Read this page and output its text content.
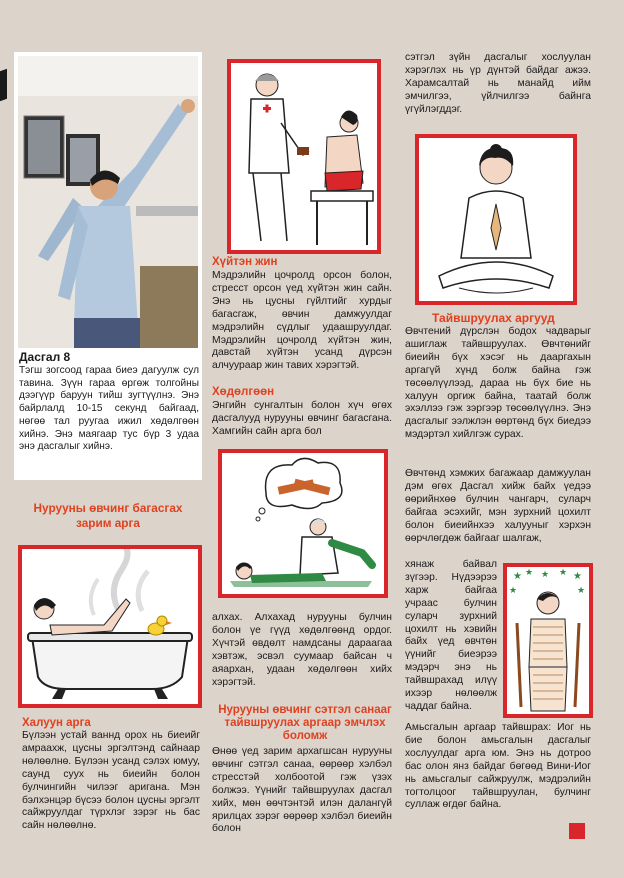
Дасгал 8

Тэгш зогсоод гараа биеэ дагуулж сул тавина. Зүүн гараа өргөж толгойны дээгүүр баруун тийш зугтүүлнэ. Энэ байрлалд 10-15 секунд байгаад, нөгөө тал руугаа ижил хөдөлгөөн хийнэ. Энэ маягаар тус бүр 3 удаа энэ дасгалыг хийнэ.

Нурууны өвчинг багасгах зарим арга
Халуун арга

Бүлээн устай ваннд орох нь биеийг амраахж, цусны эргэлтэнд сайнаар нөлөөлнө. Бүлээн усанд сэлэх юмуу, саунд суух нь биеийн болон булчингийн чилээг аригана. Мэн бэлхэнцэр бүсээ болон цусны эргэлт сайжруулдаг түрхлэг зэрэг нь бас сайн нөлөөлнө.

Хүйтэн жин

Мэдрэлийн цочролд орсон болон, стресст орсон үед хүйтэн жин сайн. Энэ нь цусны гүйлтийг хурдыг багасгаж, өвчин дамжуулдаг мэдрэлийн сүдлыг удаашруулдаг. Мэдрэлийн цочролд хүйтэн жин, давстай хүйтэн усанд дүрсэн алчуураар жин тавих хэрэгтэй.

Хөдөлгөөн

Энгийн сунгалтын болон хүч өгөх дасгалууд нурууны өвчинг багасгана. Хамгийн сайн арга бол

алхах. Алхахад нурууны булчин болон үе гүүд хөдөлгөөнд ордог. Хүчтэй өвдөлт намдсаны дараагаа хэвтэж, эсвэл суумаар байсан ч аяархан, удаан хөдөлгөөн хийх хэрэгтэй.

Нурууны өвчинг сэтгэл санааг тайвшруулах аргаар эмчлэх боломж

Өнөө үед зарим архагшсан нурууны өвчинг сэтгэл санаа, өөрөөр хэлбэл стресстэй холбоотой гэж үзэх болжээ. Үүнийг тайвшруулах дасгал хийх, мөн өөчтэнтэй илэн далангүй ярилцах зэрэг өөрөөр хэлбэл биеийн болон

сэтгэл зүйн дасгалыг хослуулан хэрэглэх нь үр дүнтэй байдаг ажээ. Харамсалтай нь манайд ийм эмчилгээ, үйлчилгээ байнга үгүйлэгддэг.

Тайвшруулах аргууд

Өвчтений дүрслэн бодох чадварыг ашиглаж тайвшруулах. Өвчтөнийг биеийн бүх хэсэг нь дааргахын аргагүй хүнд болж байна гэж төсөөлүүлээд, дараа нь бүх бие нь халуун оргиж байна, таатай болж эхэллээ гэж зэргээр төсөөлүүлнэ. Энэ дасгалыг ээлжлэн өөртөнд бүх биедээ мэдэртэл хийлгэж сурах.

Өвчтөнд хэмжих багажаар дамжуулан дэм өгөх Дасгал хийж байх үедээ өөрийнхөө булчин чангарч, суларч байгаа эсэхийг, мэн зурхний цохилт болон биеийнхээ халууныг хэрхэн өөрчлөгдөж байгааг шалгаж,

хянаж байвал зүгээр. Нүдээрээ харж байгаа учраас булчин суларч зурхний цохилт нь хэвийн байх үед өвчтөн үүнийг биеэрээ мэдэрч энэ нь тайвшрахад илүү ихээр нөлөөлж чаддаг байна.

★ ★ ★ ★ ★
★	★

Амьсгалын аргаар тайвшрах: Иог нь бие болон амьсгалын дасгалыг хослуулдаг арга юм. Энэ нь дотроо бас олон янз байдаг бөгөөд Вини-Иог нь амьсгалыг сайжруулж, мэдрэлийн тогтолцоог тайвшруулан, булчинг суллаж өгдөг байна.
